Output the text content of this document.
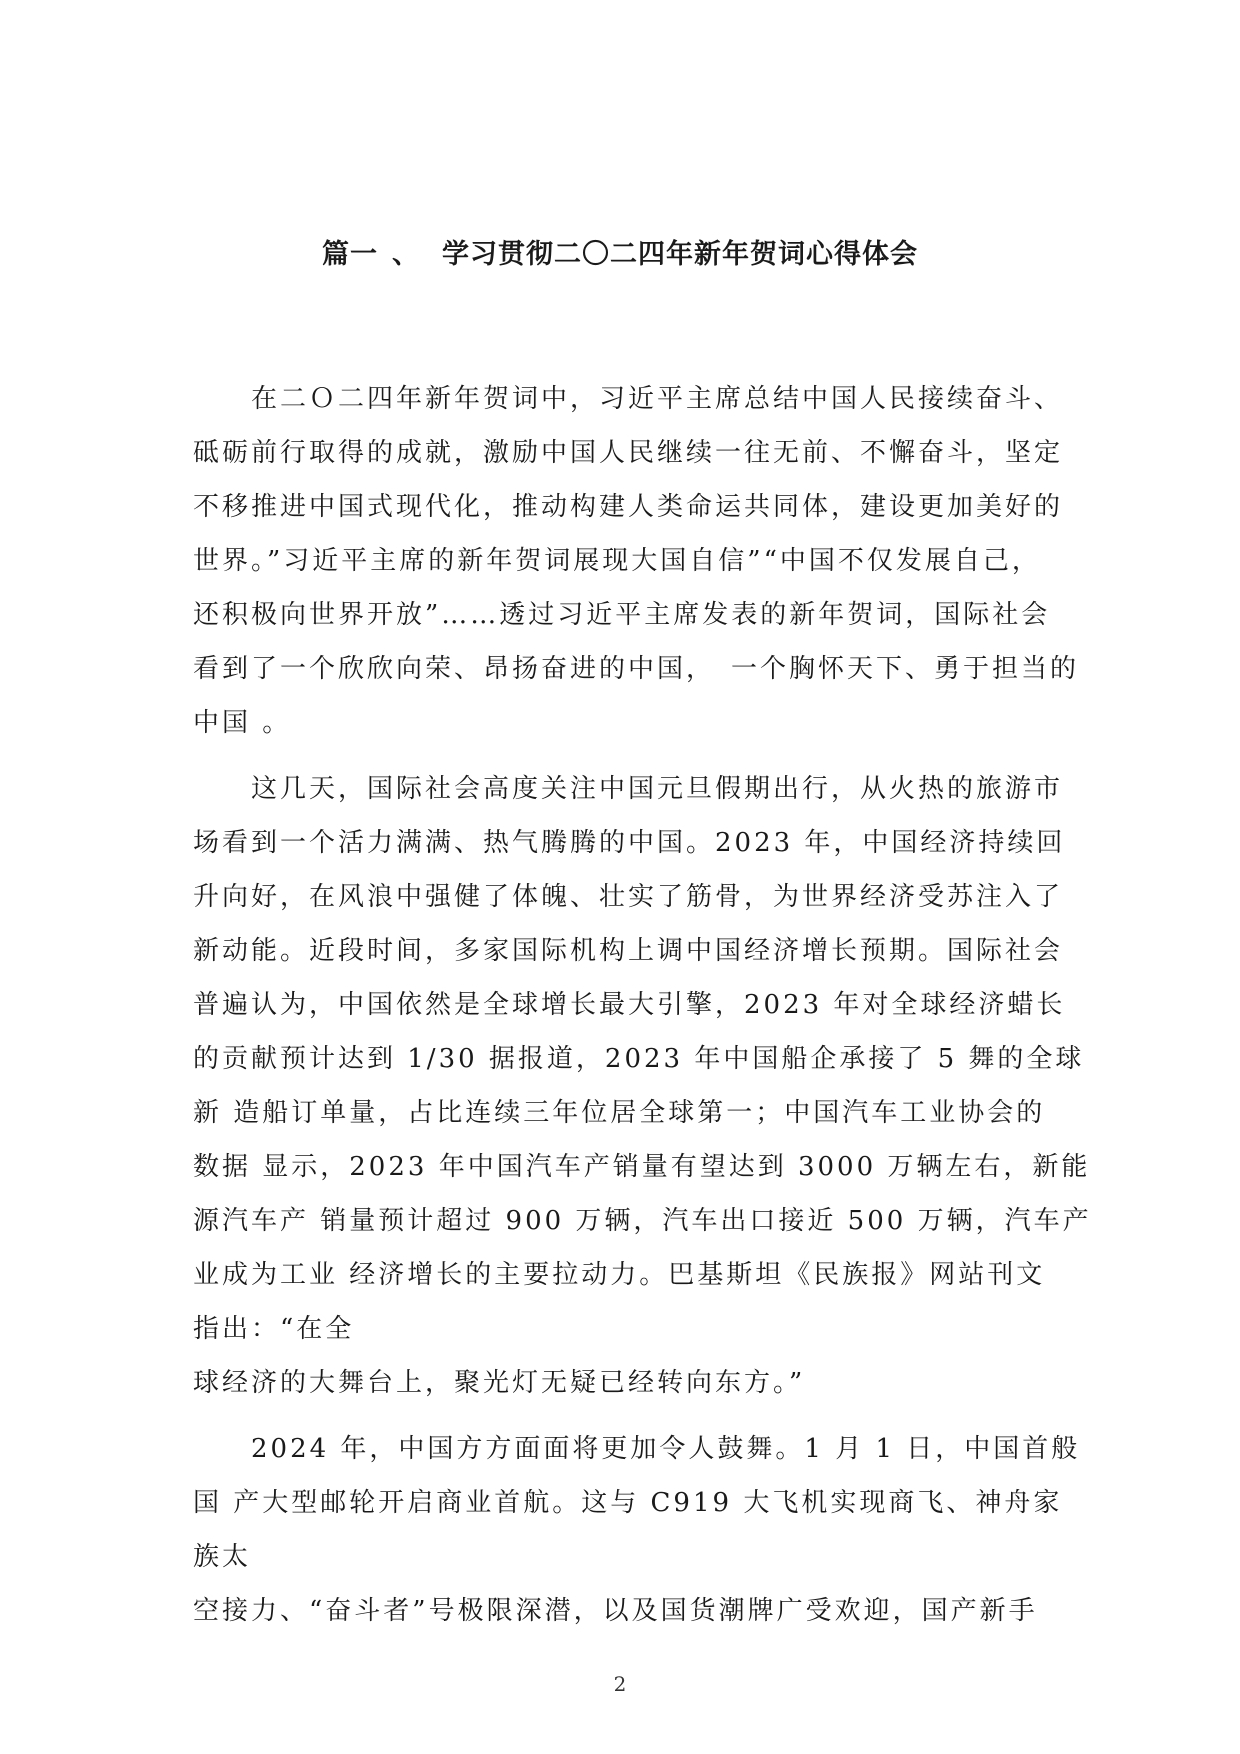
篇一 、 学习贯彻二〇二四年新年贺词心得体会
　　在二Ｏ二四年新年贺词中，习近平主席总结中国人民接续奋斗、
砥砺前行取得的成就，激励中国人民继续一往无前、不懈奋斗，坚定
不移推进中国式现代化，推动构建人类命运共同体，建设更加美好的
世界。”习近平主席的新年贺词展现大国自信”“中国不仅发展自己，
还积极向世界开放”……透过习近平主席发表的新年贺词，国际社会
看到了一个欣欣向荣、昂扬奋进的中国，　一个胸怀天下、勇于担当的
中国 。
　　这几天，国际社会高度关注中国元旦假期出行，从火热的旅游市
场看到一个活力满满、热气腾腾的中国。2023 年，中国经济持续回
升向好，在风浪中强健了体魄、壮实了筋骨，为世界经济受苏注入了
新动能。近段时间，多家国际机构上调中国经济增长预期。国际社会
普遍认为，中国依然是全球增长最大引擎，2023 年对全球经济蜡长
的贡献预计达到 1/30 据报道，2023 年中国船企承接了 5 舞的全球
新 造船订单量，占比连续三年位居全球第一；中国汽车工业协会的
数据 显示，2023 年中国汽车产销量有望达到 3000 万辆左右，新能
源汽车产 销量预计超过 900 万辆，汽车出口接近 500 万辆，汽车产
业成为工业 经济增长的主要拉动力。巴基斯坦《民族报》网站刊文
指出：“在全
球经济的大舞台上，聚光灯无疑已经转向东方。”
　　2024 年，中国方方面面将更加令人鼓舞。1 月 1 日，中国首般
国 产大型邮轮开启商业首航。这与 C919 大飞机实现商飞、神舟家
族太
空接力、“奋斗者”号极限深潜，以及国货潮牌广受欢迎，国产新手
2
